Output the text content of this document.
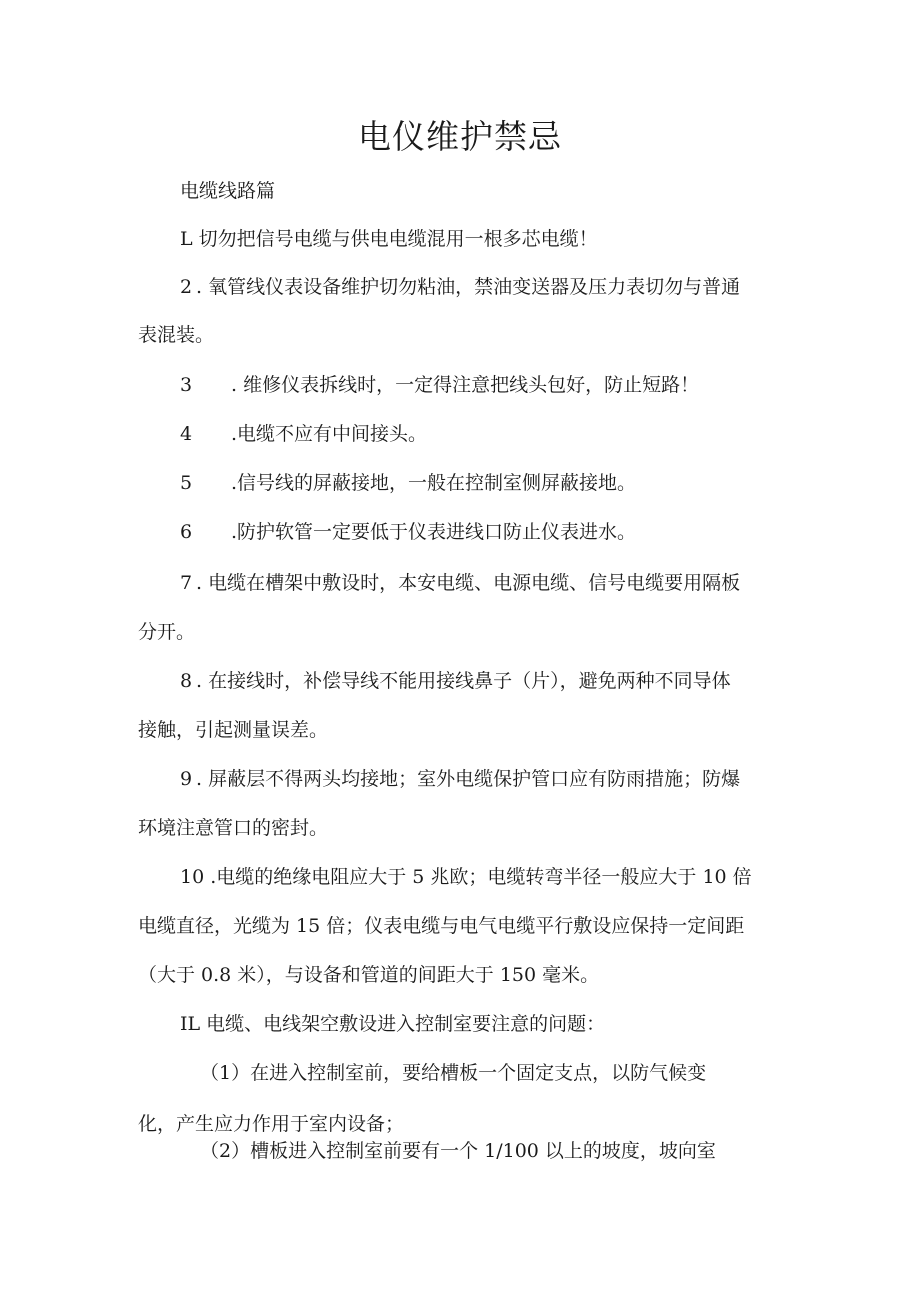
电仪维护禁忌
电缆线路篇
L 切勿把信号电缆与供电电缆混用一根多芯电缆！
2 . 氧管线仪表设备维护切勿粘油，禁油变送器及压力表切勿与普通
表混装。
3 . 维修仪表拆线时，一定得注意把线头包好，防止短路！
4 .电缆不应有中间接头。
5 .信号线的屏蔽接地，一般在控制室侧屏蔽接地。
6 .防护软管一定要低于仪表进线口防止仪表进水。
7 . 电缆在槽架中敷设时，本安电缆、电源电缆、信号电缆要用隔板
分开。
8 . 在接线时，补偿导线不能用接线鼻子（片），避免两种不同导体
接触，引起测量误差。
9 . 屏蔽层不得两头均接地；室外电缆保护管口应有防雨措施；防爆
环境注意管口的密封。
10 .电缆的绝缘电阻应大于 5 兆欧；电缆转弯半径一般应大于 10 倍
电缆直径，光缆为 15 倍；仪表电缆与电气电缆平行敷设应保持一定间距
（大于 0.8 米），与设备和管道的间距大于 150 毫米。
IL 电缆、电线架空敷设进入控制室要注意的问题：
（1）在进入控制室前，要给槽板一个固定支点，以防气候变
化，产生应力作用于室内设备；
（2）槽板进入控制室前要有一个 1/100 以上的坡度，坡向室
